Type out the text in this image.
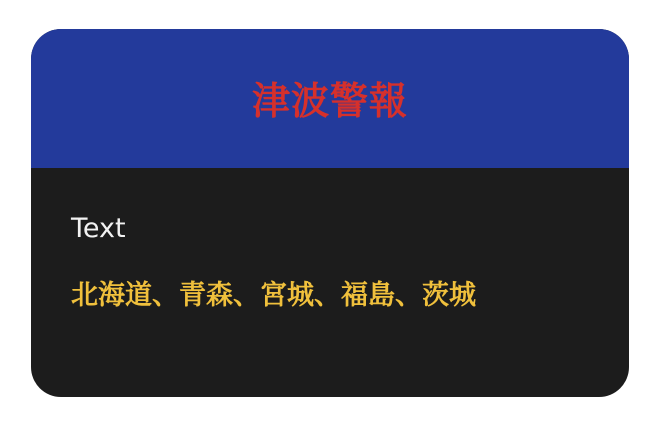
津波警報
Text
北海道、青森、宮城、福島、茨城
